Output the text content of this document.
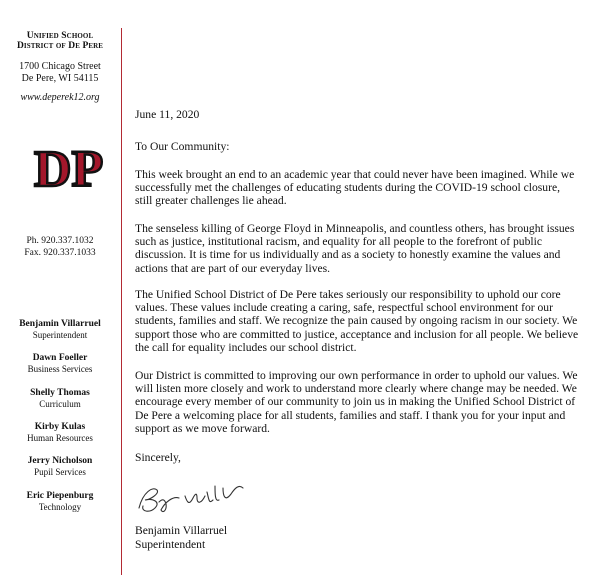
Unified School
District of De Pere
1700 Chicago Street
De Pere, WI 54115
www.deperek12.org
DP
Ph. 920.337.1032
Fax. 920.337.1033
Benjamin Villarruel
Superintendent
Dawn Foeller
Business Services
Shelly Thomas
Curriculum
Kirby Kulas
Human Resources
Jerry Nicholson
Pupil Services
Eric Piepenburg
Technology

June 11, 2020

To Our Community:

This week brought an end to an academic year that could never have been imagined. While we successfully met the challenges of educating students during the COVID-19 school closure, still greater challenges lie ahead.

The senseless killing of George Floyd in Minneapolis, and countless others, has brought issues such as justice, institutional racism, and equality for all people to the forefront of public discussion. It is time for us individually and as a society to honestly examine the values and actions that are part of our everyday lives.

The Unified School District of De Pere takes seriously our responsibility to uphold our core values. These values include creating a caring, safe, respectful school environment for our students, families and staff. We recognize the pain caused by ongoing racism in our society. We support those who are committed to justice, acceptance and inclusion for all people. We believe the call for equality includes our school district.

Our District is committed to improving our own performance in order to uphold our values. We will listen more closely and work to understand more clearly where change may be needed. We encourage every member of our community to join us in making the Unified School District of De Pere a welcoming place for all students, families and staff. I thank you for your input and support as we move forward.

Sincerely,

Benjamin Villarruel

Superintendent
